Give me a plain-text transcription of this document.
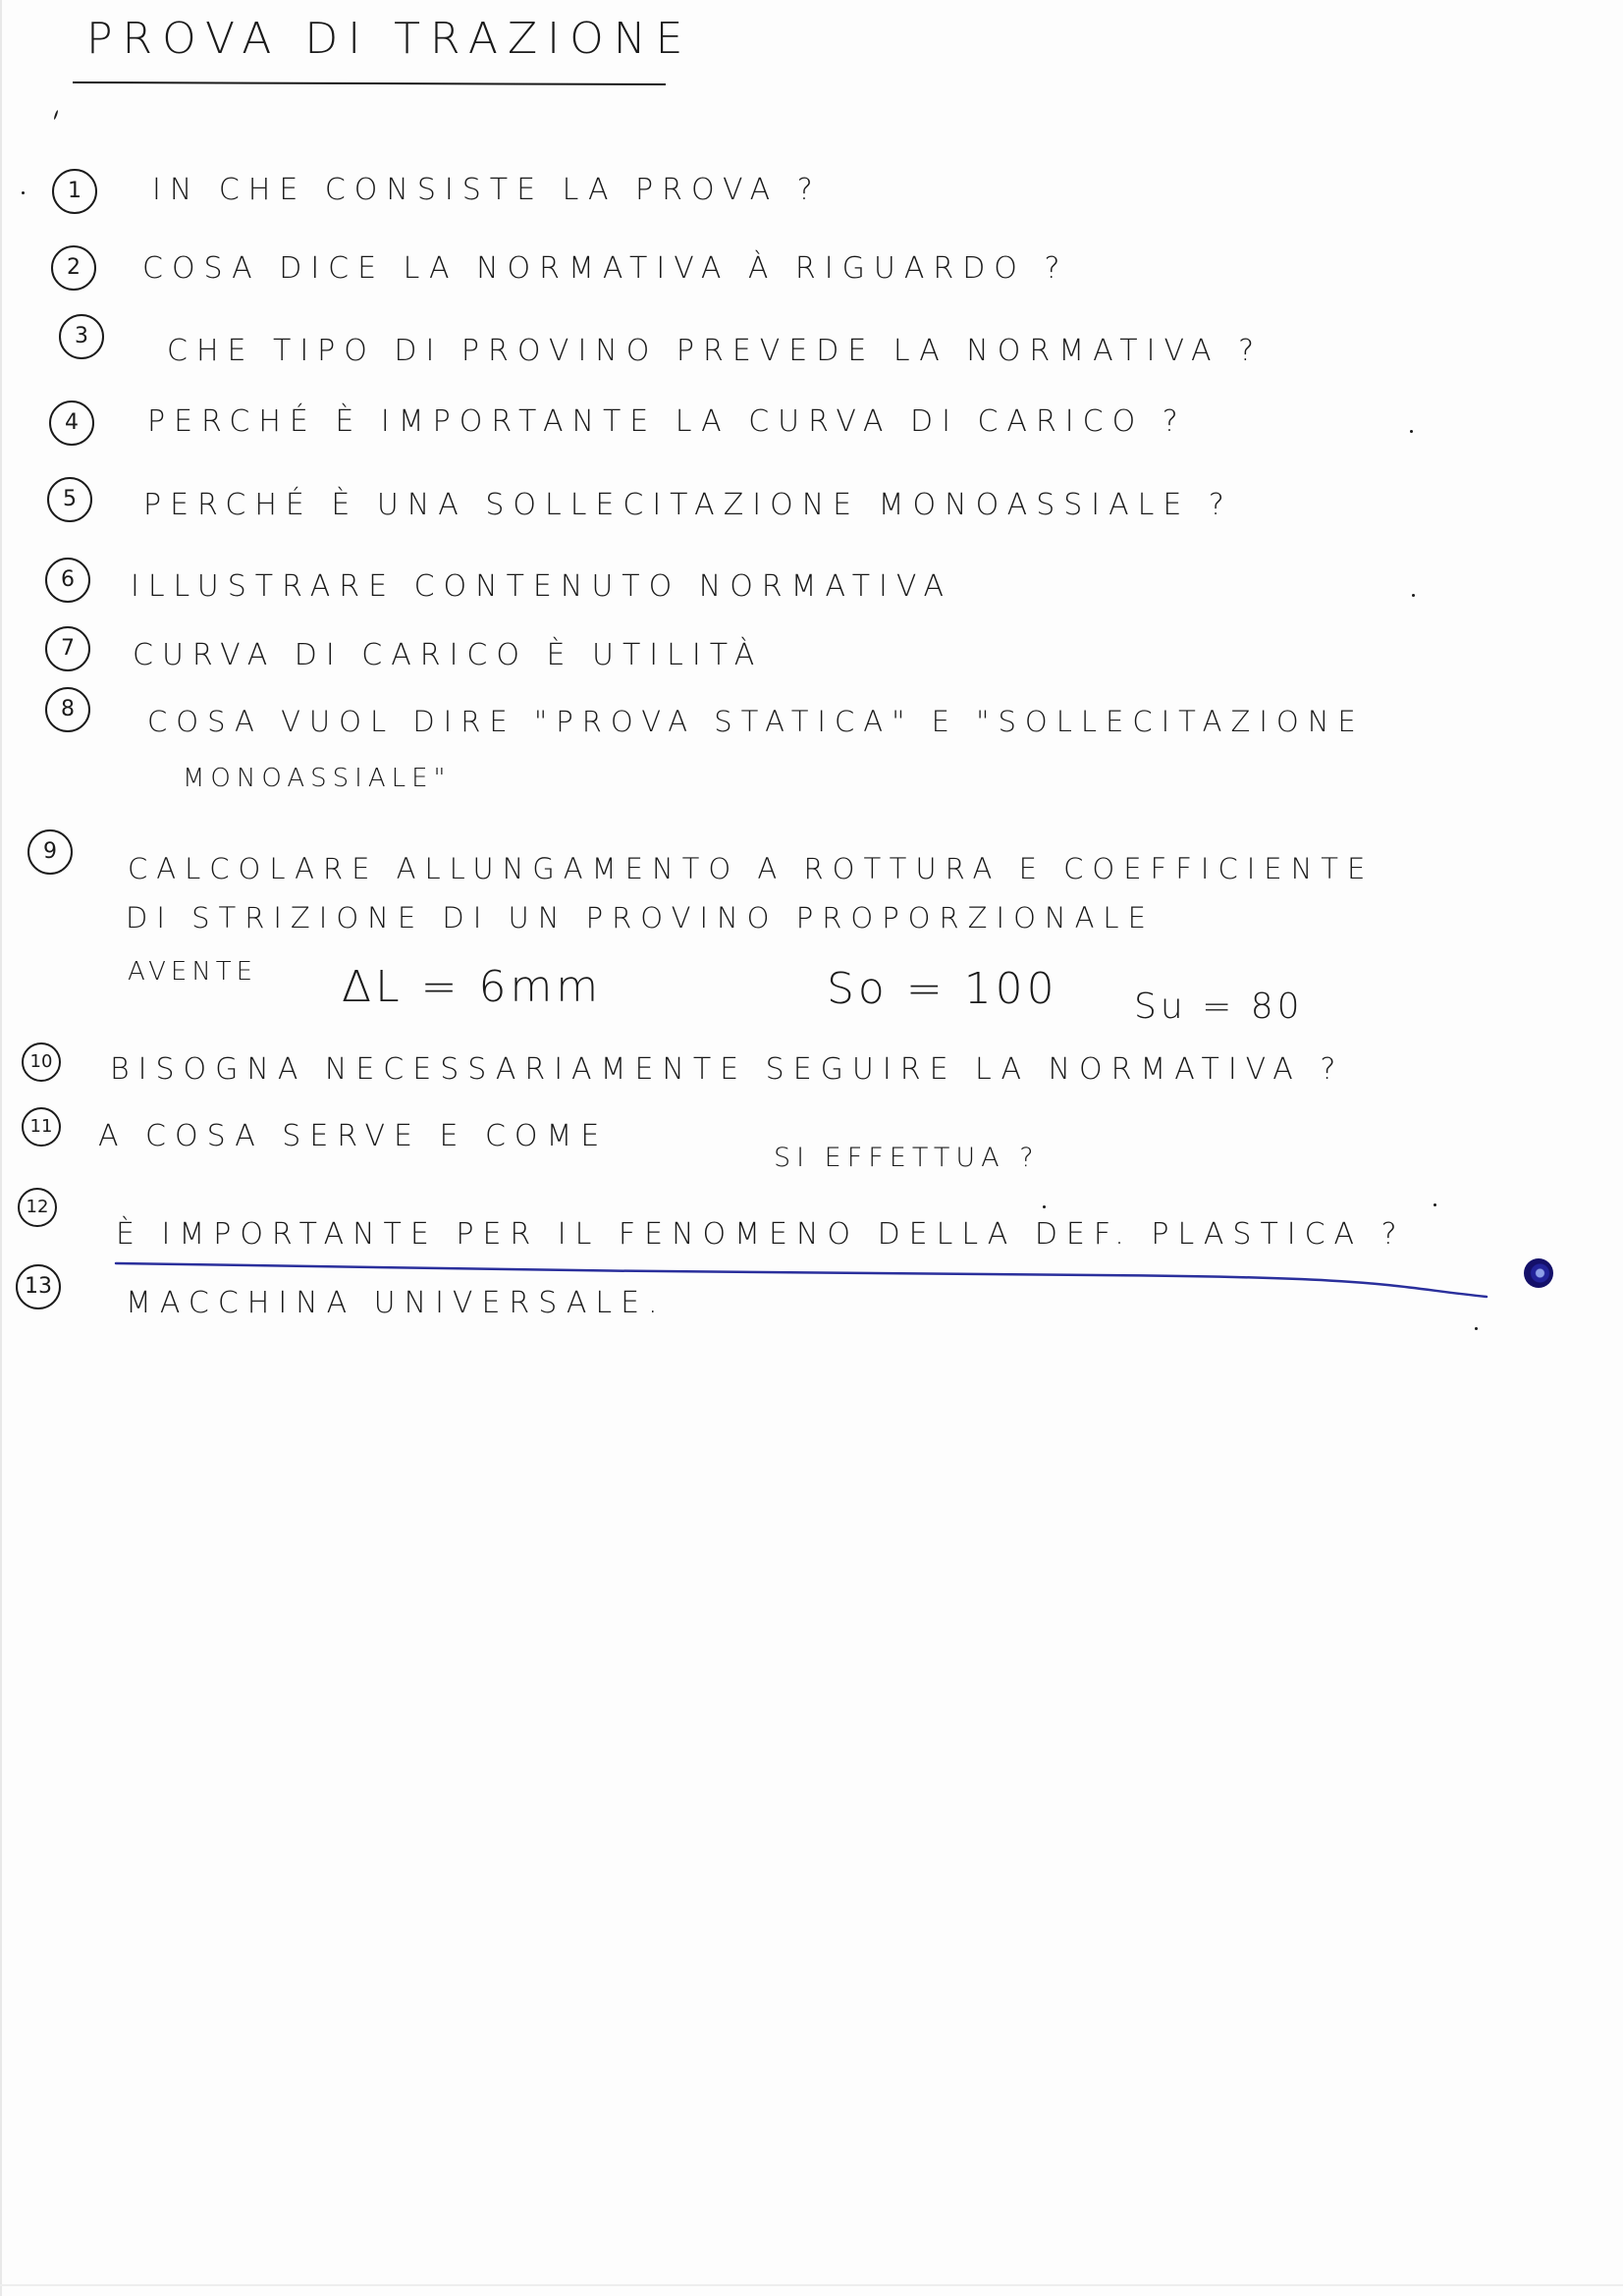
PROVA DI TRAZIONE
1	IN CHE CONSISTE LA PROVA ?
2	COSA DICE LA NORMATIVA À RIGUARDO ?
3	CHE TIPO DI PROVINO PREVEDE LA NORMATIVA ?
4	PERCHÉ È IMPORTANTE LA CURVA DI CARICO ?
5	PERCHÉ È UNA SOLLECITAZIONE MONOASSIALE ?
6	ILLUSTRARE CONTENUTO NORMATIVA
7	CURVA DI CARICO È UTILITÀ
8	COSA VUOL DIRE "PROVA STATICA" E "SOLLECITAZIONE
MONOASSIALE"
9
CALCOLARE ALLUNGAMENTO A ROTTURA E COEFFICIENTE
DI STRIZIONE DI UN PROVINO PROPORZIONALE
AVENTE ΔL = 6mm	So = 100 Su = 80
10 BISOGNA NECESSARIAMENTE SEGUIRE LA NORMATIVA ?
11 A COSA SERVE E COME
SI EFFETTUA ?
12
È IMPORTANTE PER IL FENOMENO DELLA DEF. PLASTICA ?
13	MACCHINA UNIVERSALE.
